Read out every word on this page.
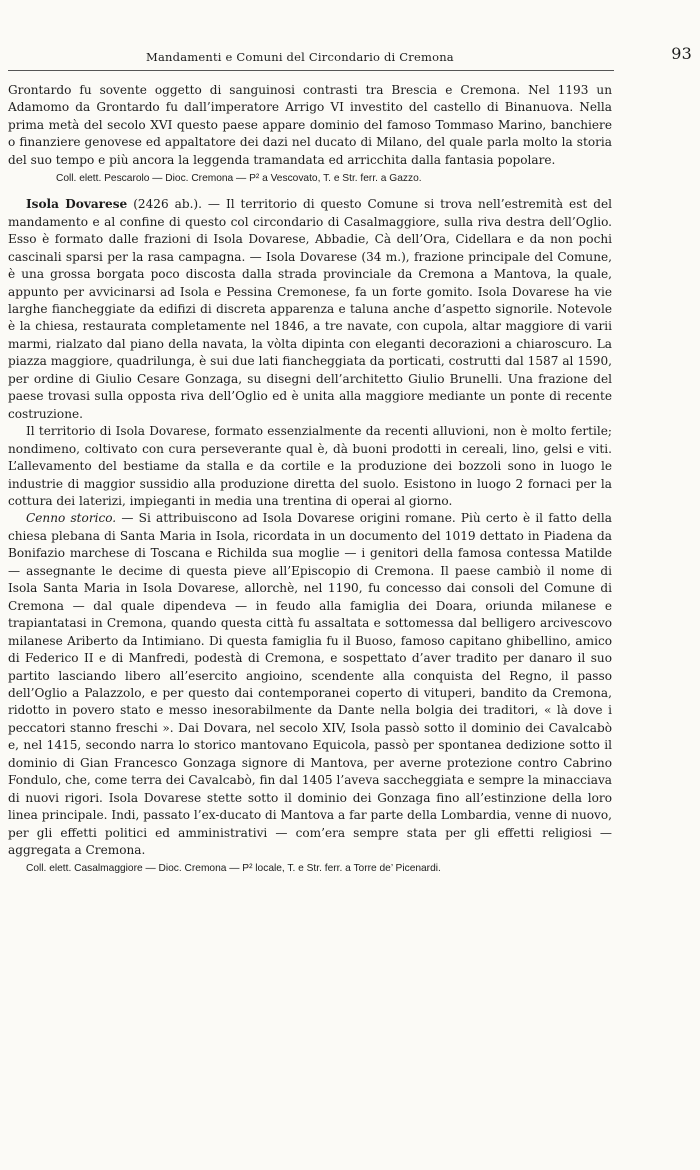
Mandamenti e Comuni del Circondario di Cremona	93

Grontardo fu sovente oggetto di sanguinosi contrasti tra Brescia e Cremona. Nel 1193 un Adamomo da Grontardo fu dall’imperatore Arrigo VI investito del castello di Binanuova. Nella prima metà del secolo XVI questo paese appare dominio del famoso Tommaso Marino, banchiere o finanziere genovese ed appaltatore dei dazi nel ducato di Milano, del quale parla molto la storia del suo tempo e più ancora la leggenda tramandata ed arricchita dalla fantasia popolare.

Coll. elett. Pescarolo — Dioc. Cremona — P² a Vescovato, T. e Str. ferr. a Gazzo.

Isola Dovarese (2426 ab.). — Il territorio di questo Comune si trova nell’estremità est del mandamento e al confine di questo col circondario di Casalmaggiore, sulla riva destra dell’Oglio. Esso è formato dalle frazioni di Isola Dovarese, Abbadie, Cà dell’Ora, Cidellara e da non pochi cascinali sparsi per la rasa campagna. — Isola Dovarese (34 m.), frazione principale del Comune, è una grossa borgata poco discosta dalla strada provinciale da Cremona a Mantova, la quale, appunto per avvicinarsi ad Isola e Pessina Cremonese, fa un forte gomito. Isola Dovarese ha vie larghe fiancheggiate da edifizi di discreta apparenza e taluna anche d’aspetto signorile. Notevole è la chiesa, restaurata completamente nel 1846, a tre navate, con cupola, altar maggiore di varii marmi, rialzato dal piano della navata, la vòlta dipinta con eleganti decorazioni a chiaroscuro. La piazza maggiore, quadrilunga, è sui due lati fiancheggiata da porticati, costrutti dal 1587 al 1590, per ordine di Giulio Cesare Gonzaga, su disegni dell’architetto Giulio Brunelli. Una frazione del paese trovasi sulla opposta riva dell’Oglio ed è unita alla maggiore mediante un ponte di recente costruzione.

Il territorio di Isola Dovarese, formato essenzialmente da recenti alluvioni, non è molto fertile; nondimeno, coltivato con cura perseverante qual è, dà buoni prodotti in cereali, lino, gelsi e viti. L’allevamento del bestiame da stalla e da cortile e la produzione dei bozzoli sono in luogo le industrie di maggior sussidio alla produzione diretta del suolo. Esistono in luogo 2 fornaci per la cottura dei laterizi, impieganti in media una trentina di operai al giorno.

Cenno storico. — Si attribuiscono ad Isola Dovarese origini romane. Più certo è il fatto della chiesa plebana di Santa Maria in Isola, ricordata in un documento del 1019 dettato in Piadena da Bonifazio marchese di Toscana e Richilda sua moglie — i genitori della famosa contessa Matilde — assegnante le decime di questa pieve all’Episcopio di Cremona. Il paese cambiò il nome di Isola Santa Maria in Isola Dovarese, allorchè, nel 1190, fu concesso dai consoli del Comune di Cremona — dal quale dipendeva — in feudo alla famiglia dei Doara, oriunda milanese e trapiantatasi in Cremona, quando questa città fu assaltata e sottomessa dal belligero arcivescovo milanese Ariberto da Intimiano. Di questa famiglia fu il Buoso, famoso capitano ghibellino, amico di Federico II e di Manfredi, podestà di Cremona, e sospettato d’aver tradito per danaro il suo partito lasciando libero all’esercito angioino, scendente alla conquista del Regno, il passo dell’Oglio a Palazzolo, e per questo dai contemporanei coperto di vituperi, bandito da Cremona, ridotto in povero stato e messo inesorabilmente da Dante nella bolgia dei traditori, « là dove i peccatori stanno freschi ». Dai Dovara, nel secolo XIV, Isola passò sotto il dominio dei Cavalcabò e, nel 1415, secondo narra lo storico mantovano Equicola, passò per spontanea dedizione sotto il dominio di Gian Francesco Gonzaga signore di Mantova, per averne protezione contro Cabrino Fondulo, che, come terra dei Cavalcabò, fin dal 1405 l’aveva saccheggiata e sempre la minacciava di nuovi rigori. Isola Dovarese stette sotto il dominio dei Gonzaga fino all’estinzione della loro linea principale. Indi, passato l’ex-ducato di Mantova a far parte della Lombardia, venne di nuovo, per gli effetti politici ed amministrativi — com’era sempre stata per gli effetti religiosi — aggregata a Cremona.

Coll. elett. Casalmaggiore — Dioc. Cremona — P² locale, T. e Str. ferr. a Torre de’ Picenardi.
